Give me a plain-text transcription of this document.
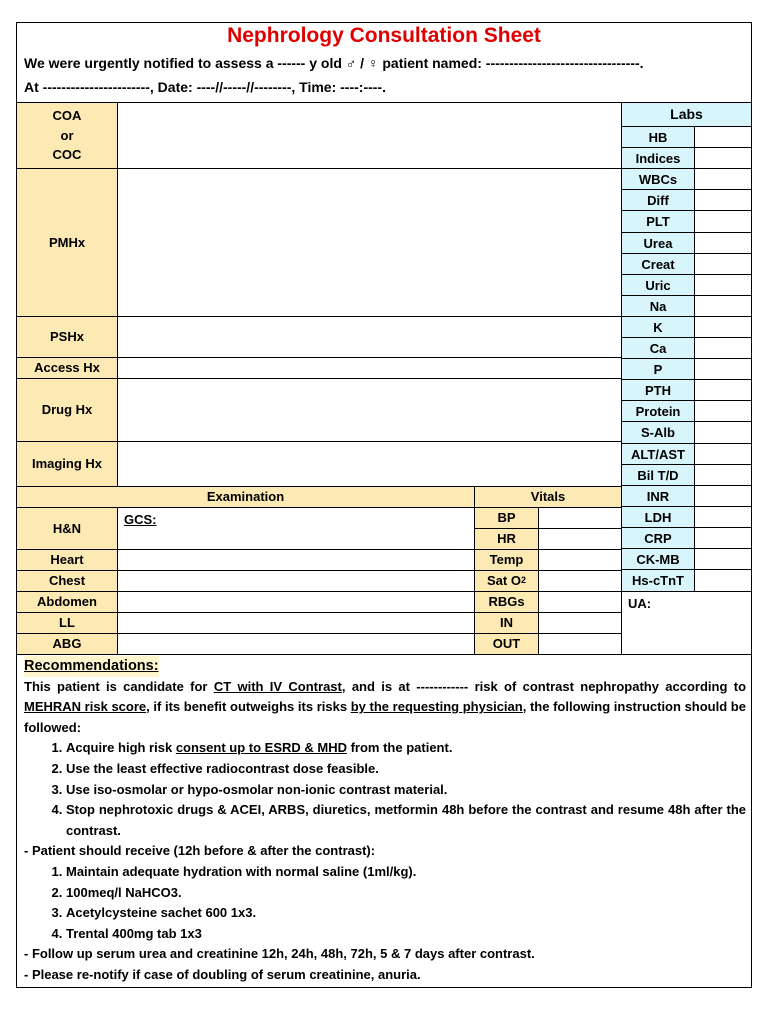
Nephrology Consultation Sheet
We were urgently notified to assess a ------ y old ♂ / ♀ patient named: ---------------------------------.
At -----------------------, Date: ----//-----//--------, Time: ----:----.
COA
or
COC
PMHx
PSHx
Access Hx
Drug Hx
Imaging Hx
Examination	Vitals
H&N
GCS:
Heart
Chest
Abdomen
LL
ABG
BP
HR
Temp
Sat O 2
RBGs
IN
OUT
Labs
HB
Indices
WBCs
Diff
PLT
Urea
Creat
Uric
Na
K
Ca
P
PTH
Protein
S-Alb
ALT/AST
Bil T/D
INR
LDH
CRP
CK-MB
Hs-cTnT
UA:
Recommendations:

This patient is candidate for CT with IV Contrast, and is at ------------ risk of contrast nephropathy according to MEHRAN risk score, if its benefit outweighs its risks by the requesting physician, the following instruction should be followed:

1. Acquire high risk consent up to ESRD & MHD from the patient.
2. Use the least effective radiocontrast dose feasible.
3. Use iso-osmolar or hypo-osmolar non-ionic contrast material.
4. Stop nephrotoxic drugs & ACEI, ARBS, diuretics, metformin 48h before the contrast and resume 48h after the contrast.

- Patient should receive (12h before & after the contrast):

1. Maintain adequate hydration with normal saline (1ml/kg).
2. 100meq/l NaHCO3.
3. Acetylcysteine sachet 600 1x3.
4. Trental 400mg tab 1x3

- Follow up serum urea and creatinine 12h, 24h, 48h, 72h, 5 & 7 days after contrast.

- Please re-notify if case of doubling of serum creatinine, anuria.
